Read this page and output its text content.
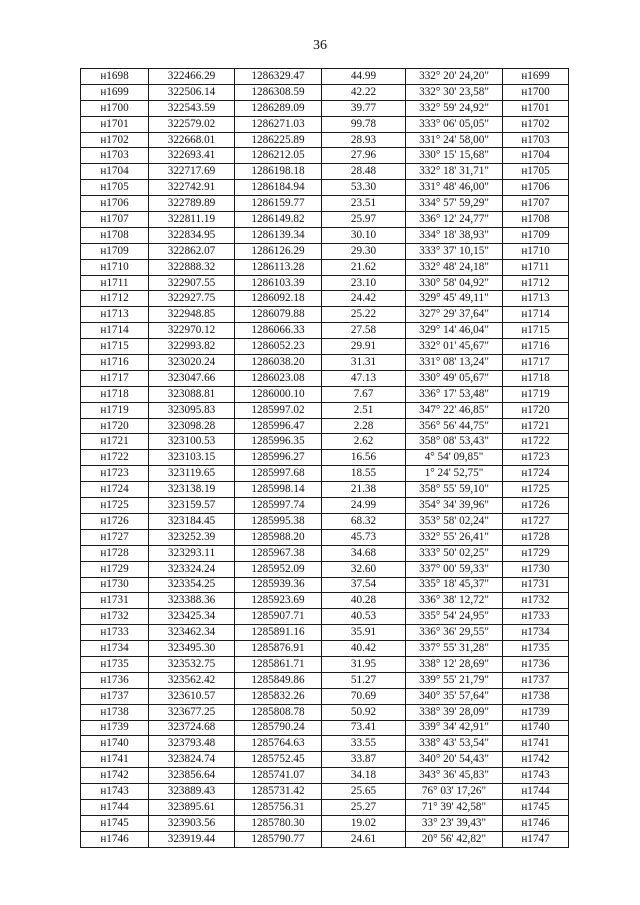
36
н1698	322466.29	1286329.47	44.99	332° 20' 24,20"	н1699
н1699	322506.14	1286308.59	42.22	332° 30' 23,58"	н1700
н1700	322543.59	1286289.09	39.77	332° 59' 24,92"	н1701
н1701	322579.02	1286271.03	99.78	333° 06' 05,05"	н1702
н1702	322668.01	1286225.89	28.93	331° 24' 58,00"	н1703
н1703	322693.41	1286212.05	27.96	330° 15' 15,68"	н1704
н1704	322717.69	1286198.18	28.48	332° 18' 31,71"	н1705
н1705	322742.91	1286184.94	53.30	331° 48' 46,00"	н1706
н1706	322789.89	1286159.77	23.51	334° 57' 59,29"	н1707
н1707	322811.19	1286149.82	25.97	336° 12' 24,77"	н1708
н1708	322834.95	1286139.34	30.10	334° 18' 38,93"	н1709
н1709	322862.07	1286126.29	29.30	333° 37' 10,15"	н1710
н1710	322888.32	1286113.28	21.62	332° 48' 24,18"	н1711
н1711	322907.55	1286103.39	23.10	330° 58' 04,92"	н1712
н1712	322927.75	1286092.18	24.42	329° 45' 49,11"	н1713
н1713	322948.85	1286079.88	25.22	327° 29' 37,64"	н1714
н1714	322970.12	1286066.33	27.58	329° 14' 46,04"	н1715
н1715	322993.82	1286052.23	29.91	332° 01' 45,67"	н1716
н1716	323020.24	1286038.20	31.31	331° 08' 13,24"	н1717
н1717	323047.66	1286023.08	47.13	330° 49' 05,67"	н1718
н1718	323088.81	1286000.10	7.67	336° 17' 53,48"	н1719
н1719	323095.83	1285997.02	2.51	347° 22' 46,85"	н1720
н1720	323098.28	1285996.47	2.28	356° 56' 44,75"	н1721
н1721	323100.53	1285996.35	2.62	358° 08' 53,43"	н1722
н1722	323103.15	1285996.27	16.56	4° 54' 09,85"	н1723
н1723	323119.65	1285997.68	18.55	1° 24' 52,75"	н1724
н1724	323138.19	1285998.14	21.38	358° 55' 59,10"	н1725
н1725	323159.57	1285997.74	24.99	354° 34' 39,96"	н1726
н1726	323184.45	1285995.38	68.32	353° 58' 02,24"	н1727
н1727	323252.39	1285988.20	45.73	332° 55' 26,41"	н1728
н1728	323293.11	1285967.38	34.68	333° 50' 02,25"	н1729
н1729	323324.24	1285952.09	32.60	337° 00' 59,33"	н1730
н1730	323354.25	1285939.36	37.54	335° 18' 45,37"	н1731
н1731	323388.36	1285923.69	40.28	336° 38' 12,72"	н1732
н1732	323425.34	1285907.71	40.53	335° 54' 24,95"	н1733
н1733	323462.34	1285891.16	35.91	336° 36' 29,55"	н1734
н1734	323495.30	1285876.91	40.42	337° 55' 31,28"	н1735
н1735	323532.75	1285861.71	31.95	338° 12' 28,69"	н1736
н1736	323562.42	1285849.86	51.27	339° 55' 21,79"	н1737
н1737	323610.57	1285832.26	70.69	340° 35' 57,64"	н1738
н1738	323677.25	1285808.78	50.92	338° 39' 28,09"	н1739
н1739	323724.68	1285790.24	73.41	339° 34' 42,91"	н1740
н1740	323793.48	1285764.63	33.55	338° 43' 53,54"	н1741
н1741	323824.74	1285752.45	33.87	340° 20' 54,43"	н1742
н1742	323856.64	1285741.07	34.18	343° 36' 45,83"	н1743
н1743	323889.43	1285731.42	25.65	76° 03' 17,26"	н1744
н1744	323895.61	1285756.31	25.27	71° 39' 42,58"	н1745
н1745	323903.56	1285780.30	19.02	33° 23' 39,43"	н1746
н1746	323919.44	1285790.77	24.61	20° 56' 42,82"	н1747
